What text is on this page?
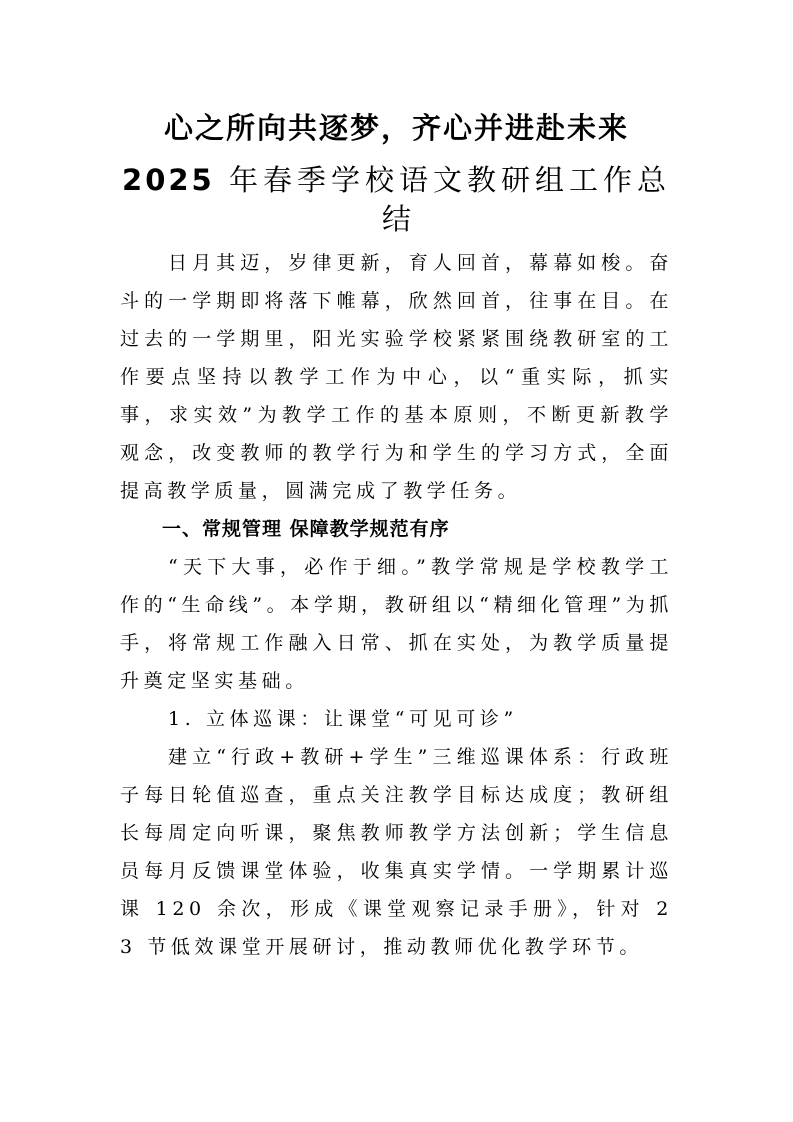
心之所向共逐梦，齐心并进赴未来
2025 年春季学校语文教研组工作总
结

日月其迈，岁律更新，育人回首，幕幕如梭。奋斗的一学期即将落下帷幕，欣然回首，往事在目。在过去的一学期里，阳光实验学校紧紧围绕教研室的工作要点坚持以教学工作为中心，以“重实际，抓实事，求实效”为教学工作的基本原则，不断更新教学观念，改变教师的教学行为和学生的学习方式，全面提高教学质量，圆满完成了教学任务。

一、常规管理 保障教学规范有序

“天下大事，必作于细。”教学常规是学校教学工作的“生命线”。本学期，教研组以“精细化管理”为抓手，将常规工作融入日常、抓在实处，为教学质量提升奠定坚实基础。

1. 立体巡课：让课堂“可见可诊”

建立“行政+教研+学生”三维巡课体系：行政班子每日轮值巡查，重点关注教学目标达成度；教研组长每周定向听课，聚焦教师教学方法创新；学生信息员每月反馈课堂体验，收集真实学情。一学期累计巡课 120 余次，形成《课堂观察记录手册》，针对 23 节低效课堂开展研讨，推动教师优化教学环节。
